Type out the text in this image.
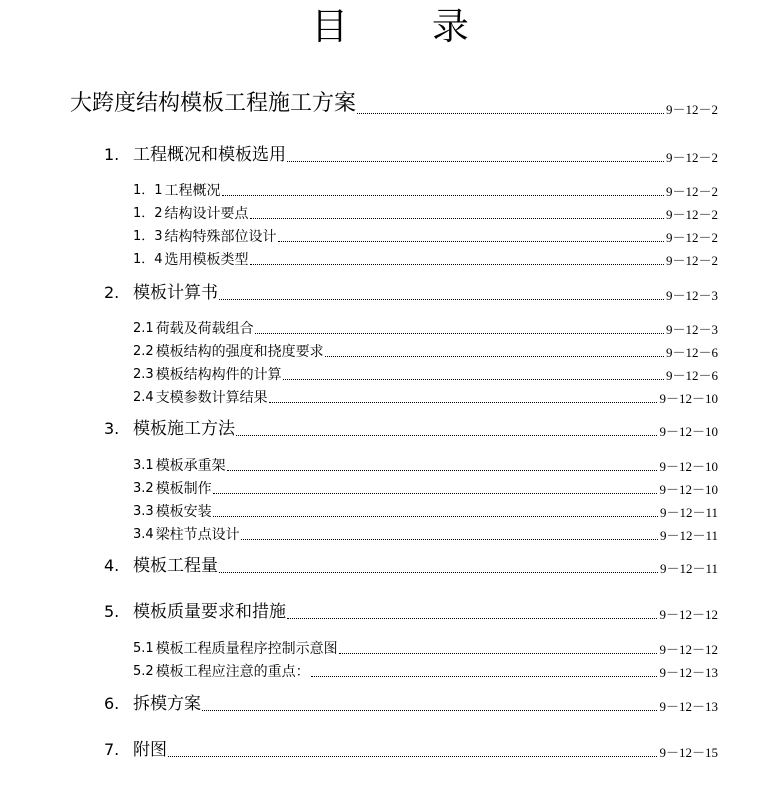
目 录
大跨度结构模板工程施工方案	9－12－2
1. 工程概况和模板选用	9－12－2
1．1 工程概况	9－12－2
1．2 结构设计要点	9－12－2
1．3 结构特殊部位设计	9－12－2
1．4 选用模板类型	9－12－2
2. 模板计算书	9－12－3
2.1 荷载及荷载组合	9－12－3
2.2 模板结构的强度和挠度要求	9－12－6
2.3 模板结构构件的计算	9－12－6
2.4 支模参数计算结果	9－12－10
3. 模板施工方法	9－12－10
3.1 模板承重架	9－12－10
3.2 模板制作	9－12－10
3.3 模板安装	9－12－11
3.4 梁柱节点设计	9－12－11
4. 模板工程量	9－12－11
5. 模板质量要求和措施	9－12－12
5.1 模板工程质量程序控制示意图	9－12－12
5.2 模板工程应注意的重点：	9－12－13
6. 拆模方案	9－12－13
7. 附图	9－12－15
